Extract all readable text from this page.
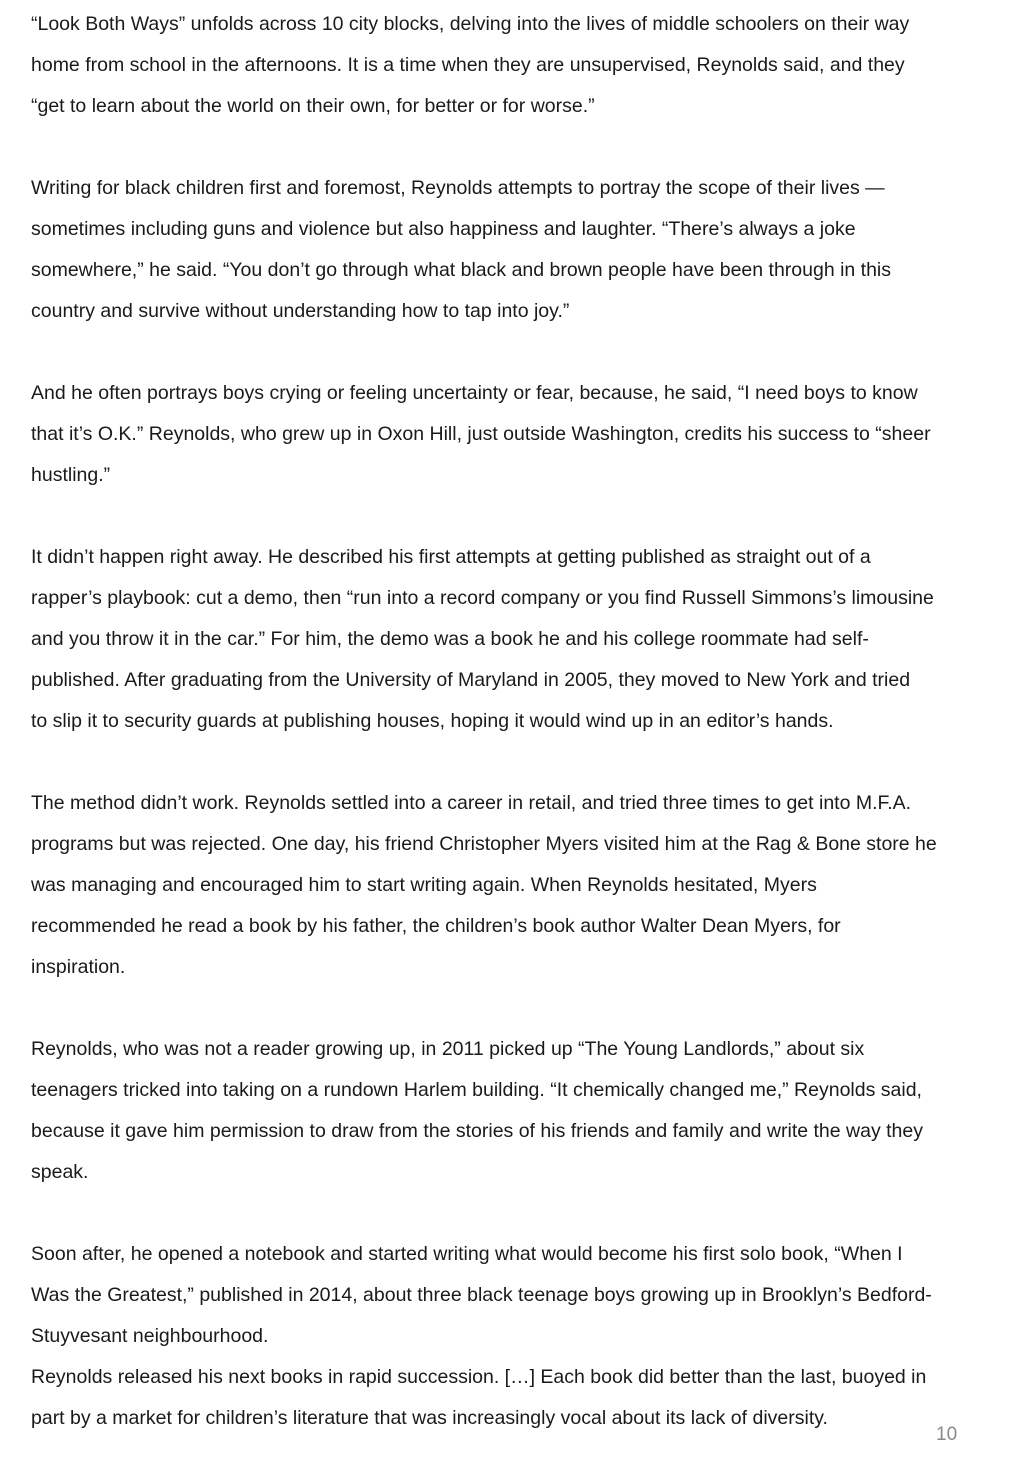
“Look Both Ways” unfolds across 10 city blocks, delving into the lives of middle schoolers on their way
home from school in the afternoons. It is a time when they are unsupervised, Reynolds said, and they
“get to learn about the world on their own, for better or for worse.”

Writing for black children first and foremost, Reynolds attempts to portray the scope of their lives —
sometimes including guns and violence but also happiness and laughter. “There’s always a joke
somewhere,” he said. “You don’t go through what black and brown people have been through in this
country and survive without understanding how to tap into joy.”

And he often portrays boys crying or feeling uncertainty or fear, because, he said, “I need boys to know
that it’s O.K.” Reynolds, who grew up in Oxon Hill, just outside Washington, credits his success to “sheer
hustling.”

It didn’t happen right away. He described his first attempts at getting published as straight out of a
rapper’s playbook: cut a demo, then “run into a record company or you find Russell Simmons’s limousine
and you throw it in the car.” For him, the demo was a book he and his college roommate had self-
published. After graduating from the University of Maryland in 2005, they moved to New York and tried
to slip it to security guards at publishing houses, hoping it would wind up in an editor’s hands.

The method didn’t work. Reynolds settled into a career in retail, and tried three times to get into M.F.A.
programs but was rejected. One day, his friend Christopher Myers visited him at the Rag & Bone store he
was managing and encouraged him to start writing again. When Reynolds hesitated, Myers
recommended he read a book by his father, the children’s book author Walter Dean Myers, for
inspiration.

Reynolds, who was not a reader growing up, in 2011 picked up “The Young Landlords,” about six
teenagers tricked into taking on a rundown Harlem building. “It chemically changed me,” Reynolds said,
because it gave him permission to draw from the stories of his friends and family and write the way they
speak.

Soon after, he opened a notebook and started writing what would become his first solo book, “When I
Was the Greatest,” published in 2014, about three black teenage boys growing up in Brooklyn’s Bedford-
Stuyvesant neighbourhood.

Reynolds released his next books in rapid succession. […] Each book did better than the last, buoyed in
part by a market for children’s literature that was increasingly vocal about its lack of diversity.

10
